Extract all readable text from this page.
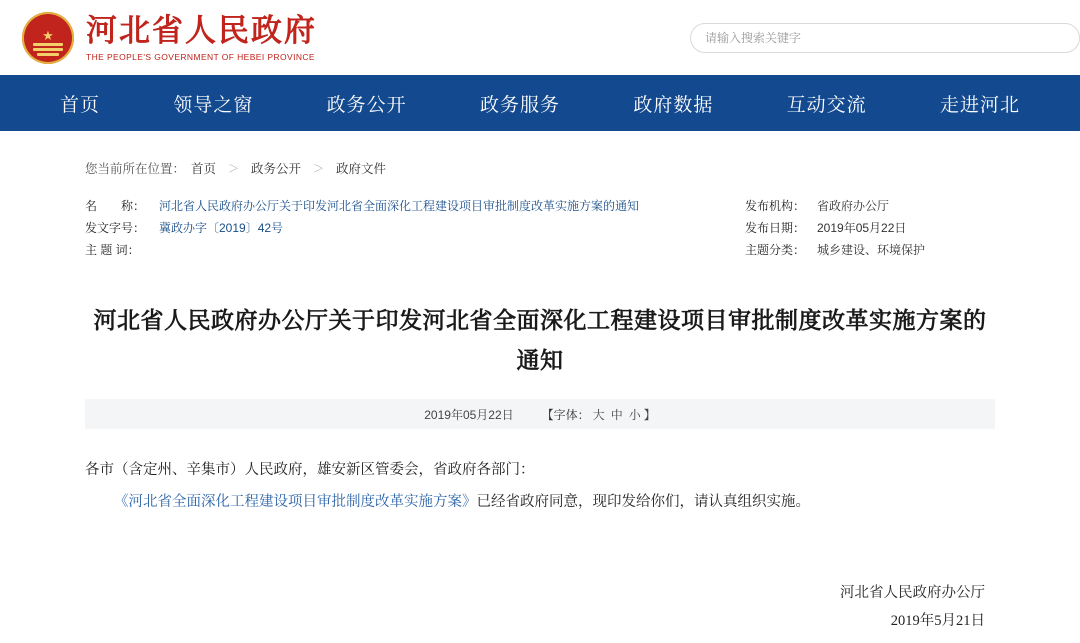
★ 河北省人民政府
THE PEOPLE'S GOVERNMENT OF HEBEI PROVINCE
请输入搜索关键字
首页	领导之窗	政务公开	政务服务	政府数据	互动交流	走进河北
您当前所在位置： 首页 ＞ 政务公开 ＞ 政府文件
名　　称：	河北省人民政府办公厅关于印发河北省全面深化工程建设项目审批制度改革实施方案的通知
发文字号：	冀政办字〔2019〕42号
主 题 词：
发布机构： 省政府办公厅
发布日期： 2019年05月22日
主题分类： 城乡建设、环境保护
河北省人民政府办公厅关于印发河北省全面深化工程建设项目审批制度改革实施方案的通知
2019年05月22日 【字体： 大 中 小 】

各市（含定州、辛集市）人民政府，雄安新区管委会，省政府各部门：

《河北省全面深化工程建设项目审批制度改革实施方案》已经省政府同意，现印发给你们，请认真组织实施。

河北省人民政府办公厅
2019年5月21日
